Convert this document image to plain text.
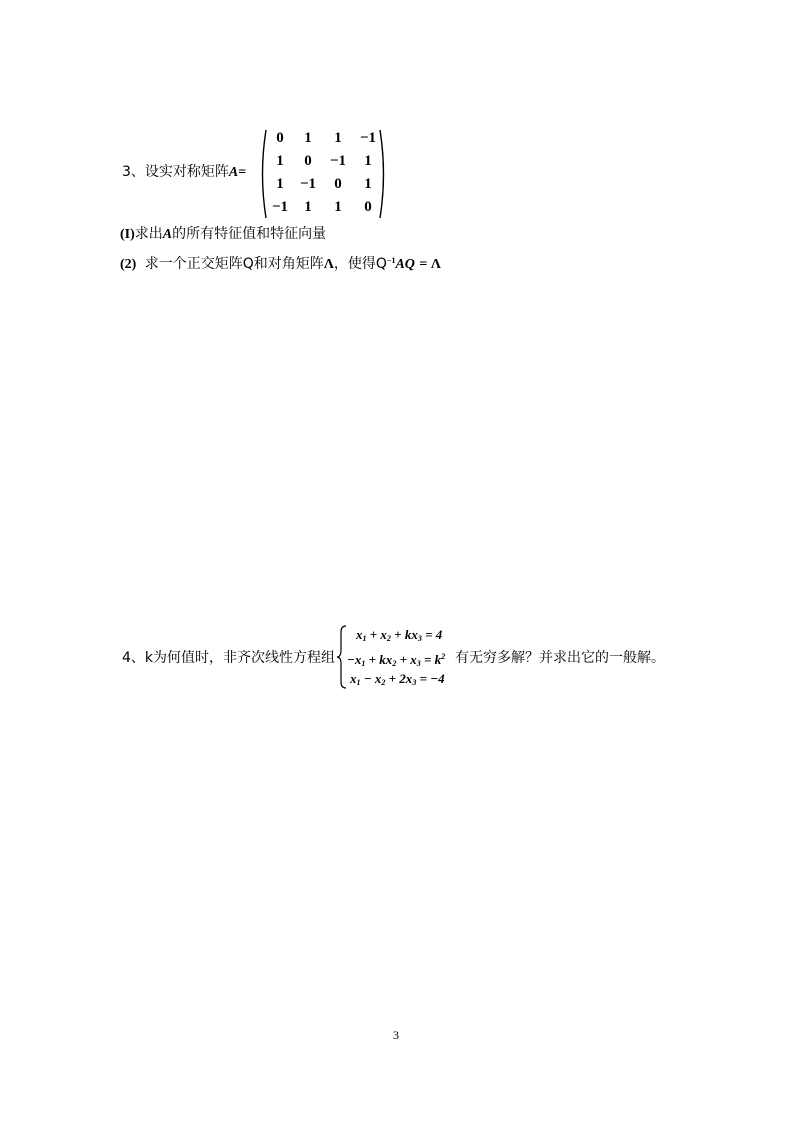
3、设实对称矩阵A=
0	1	1	−1
1	0	−1	1
1	−1	0	1
−1	1	1	0
(I)求出A的所有特征值和特征向量
(2) 求一个正交矩阵Q和对角矩阵Λ，使得$Q^{-1}AQ = \Lambda$
4、k为何值时，非齐次线性方程组
$x_1 + x_2 + kx_3 = 4$
$-x_1 + kx_2 + x_3 = k^2$
$x_1 - x_2 + 2x_3 = -4$
有无穷多解？并求出它的一般解。
3
